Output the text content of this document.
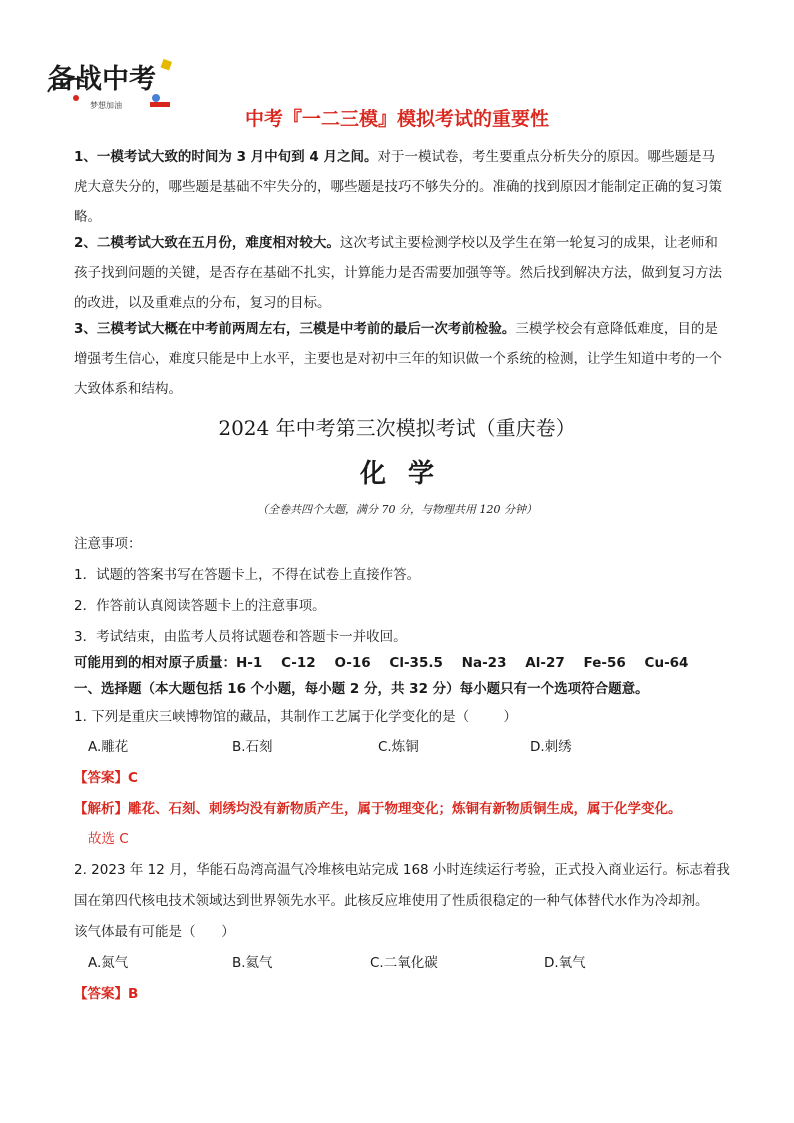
备战中考
梦想加油
中考『一二三模』模拟考试的重要性
1、一模考试大致的时间为 3 月中旬到 4 月之间。对于一模试卷，考生要重点分析失分的原因。哪些题是马虎大意失分的，哪些题是基础不牢失分的，哪些题是技巧不够失分的。准确的找到原因才能制定正确的复习策略。
2、二模考试大致在五月份，难度相对较大。这次考试主要检测学校以及学生在第一轮复习的成果，让老师和孩子找到问题的关键，是否存在基础不扎实，计算能力是否需要加强等等。然后找到解决方法，做到复习方法的改进，以及重难点的分布，复习的目标。
3、三模考试大概在中考前两周左右，三模是中考前的最后一次考前检验。三模学校会有意降低难度，目的是增强考生信心，难度只能是中上水平，主要也是对初中三年的知识做一个系统的检测，让学生知道中考的一个大致体系和结构。
2024 年中考第三次模拟考试（重庆卷）
化学
（全卷共四个大题，满分 70 分，与物理共用 120 分钟）
注意事项：
1．试题的答案书写在答题卡上，不得在试卷上直接作答。
2．作答前认真阅读答题卡上的注意事项。
3．考试结束，由监考人员将试题卷和答题卡一并收回。
可能用到的相对原子质量：H-1    C-12    O-16    Cl-35.5    Na-23    Al-27    Fe-56    Cu-64
一、选择题（本大题包括 16 个小题，每小题 2 分，共 32 分）每小题只有一个选项符合题意。
1. 下列是重庆三峡博物馆的藏品，其制作工艺属于化学变化的是（        ）
A.雕花	B.石刻	C.炼铜	D.刺绣
【答案】C
【解析】雕花、石刻、刺绣均没有新物质产生，属于物理变化；炼铜有新物质铜生成，属于化学变化。
故选 C
2. 2023 年 12 月，华能石岛湾高温气冷堆核电站完成 168 小时连续运行考验，正式投入商业运行。标志着我
国在第四代核电技术领域达到世界领先水平。此核反应堆使用了性质很稳定的一种气体替代水作为冷却剂。
该气体最有可能是（      ）
A.氮气	B.氦气	C.二氧化碳	D.氧气
【答案】B
